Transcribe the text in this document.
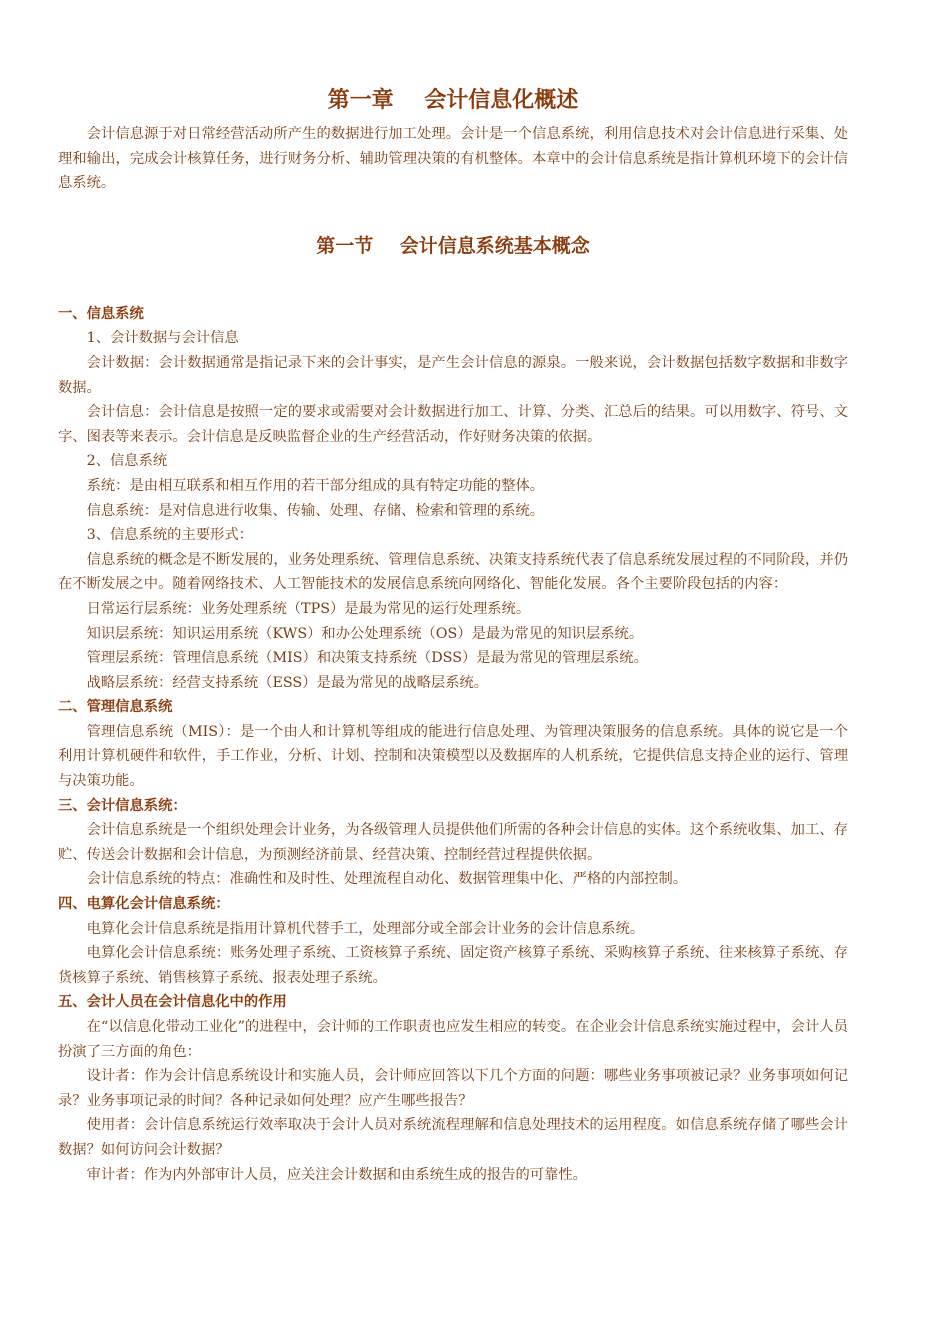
第一章    会计信息化概述

会计信息源于对日常经营活动所产生的数据进行加工处理。会计是一个信息系统，利用信息技术对会计信息进行采集、处理和输出，完成会计核算任务，进行财务分析、辅助管理决策的有机整体。本章中的会计信息系统是指计算机环境下的会计信息系统。

第一节    会计信息系统基本概念
一、信息系统

1、会计数据与会计信息

会计数据：会计数据通常是指记录下来的会计事实，是产生会计信息的源泉。一般来说，会计数据包括数字数据和非数字数据。

会计信息：会计信息是按照一定的要求或需要对会计数据进行加工、计算、分类、汇总后的结果。可以用数字、符号、文字、图表等来表示。会计信息是反映监督企业的生产经营活动，作好财务决策的依据。

2、信息系统

系统：是由相互联系和相互作用的若干部分组成的具有特定功能的整体。

信息系统：是对信息进行收集、传输、处理、存储、检索和管理的系统。

3、信息系统的主要形式：

信息系统的概念是不断发展的，业务处理系统、管理信息系统、决策支持系统代表了信息系统发展过程的不同阶段，并仍在不断发展之中。随着网络技术、人工智能技术的发展信息系统向网络化、智能化发展。各个主要阶段包括的内容：

日常运行层系统：业务处理系统（TPS）是最为常见的运行处理系统。

知识层系统：知识运用系统（KWS）和办公处理系统（OS）是最为常见的知识层系统。

管理层系统：管理信息系统（MIS）和决策支持系统（DSS）是最为常见的管理层系统。

战略层系统：经营支持系统（ESS）是最为常见的战略层系统。

二、管理信息系统

管理信息系统（MIS）：是一个由人和计算机等组成的能进行信息处理、为管理决策服务的信息系统。具体的说它是一个利用计算机硬件和软件，手工作业，分析、计划、控制和决策模型以及数据库的人机系统，它提供信息支持企业的运行、管理与决策功能。

三、会计信息系统：

会计信息系统是一个组织处理会计业务，为各级管理人员提供他们所需的各种会计信息的实体。这个系统收集、加工、存贮、传送会计数据和会计信息，为预测经济前景、经营决策、控制经营过程提供依据。

会计信息系统的特点：准确性和及时性、处理流程自动化、数据管理集中化、严格的内部控制。

四、电算化会计信息系统：

电算化会计信息系统是指用计算机代替手工，处理部分或全部会计业务的会计信息系统。

电算化会计信息系统：账务处理子系统、工资核算子系统、固定资产核算子系统、采购核算子系统、往来核算子系统、存货核算子系统、销售核算子系统、报表处理子系统。

五、会计人员在会计信息化中的作用

在“以信息化带动工业化”的进程中，会计师的工作职责也应发生相应的转变。在企业会计信息系统实施过程中，会计人员扮演了三方面的角色：

设计者：作为会计信息系统设计和实施人员，会计师应回答以下几个方面的问题：哪些业务事项被记录？业务事项如何记录？业务事项记录的时间？各种记录如何处理？应产生哪些报告？

使用者：会计信息系统运行效率取决于会计人员对系统流程理解和信息处理技术的运用程度。如信息系统存储了哪些会计数据？如何访问会计数据？

审计者：作为内外部审计人员，应关注会计数据和由系统生成的报告的可靠性。
